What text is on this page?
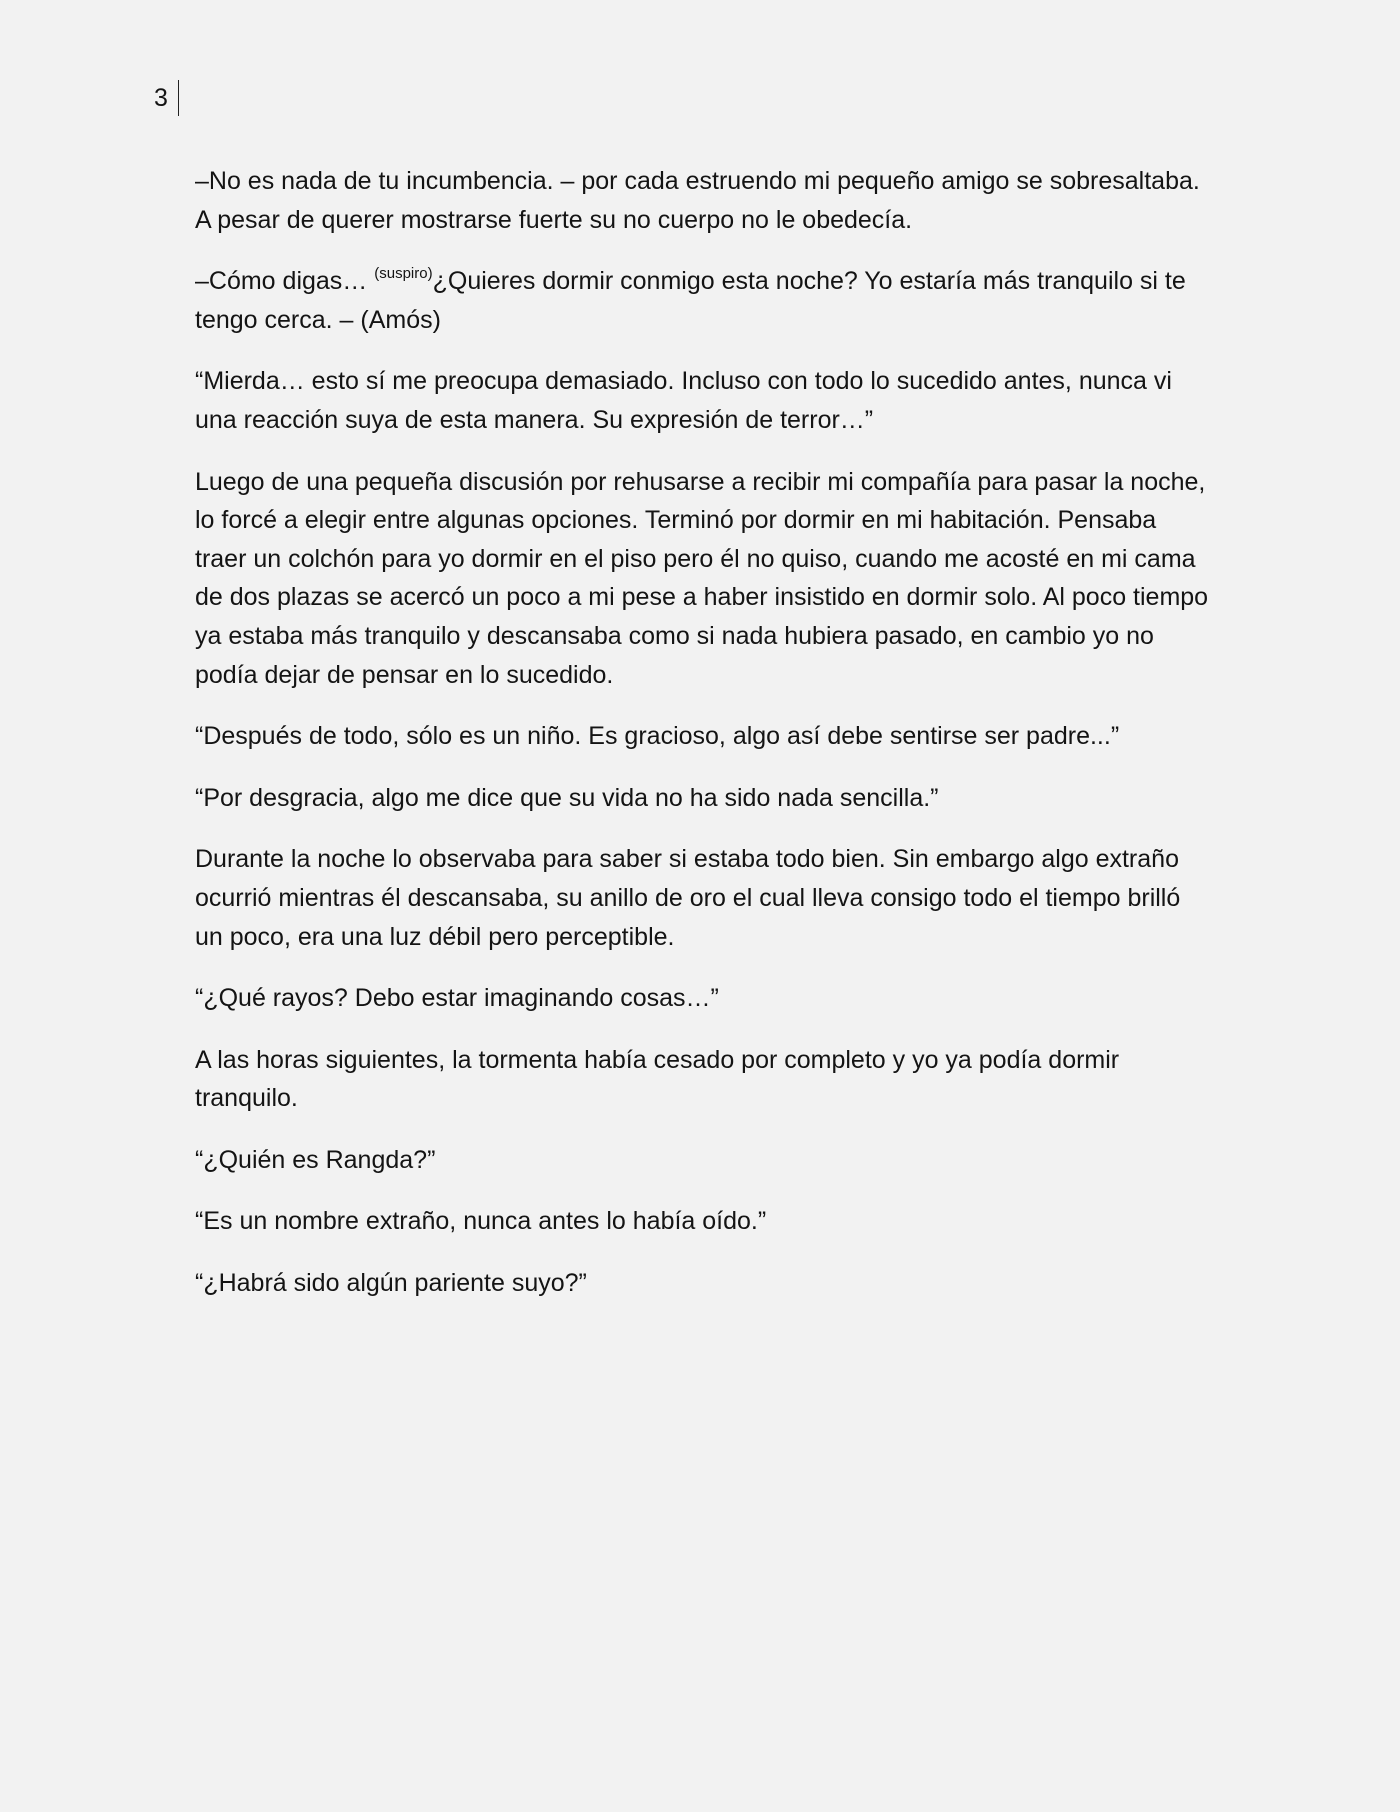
3

–No es nada de tu incumbencia. – por cada estruendo mi pequeño amigo se sobresaltaba.
A pesar de querer mostrarse fuerte su no cuerpo no le obedecía.

–Cómo digas… $^{(suspiro)}$¿Quieres dormir conmigo esta noche? Yo estaría más tranquilo si te
tengo cerca. – (Amós)

“Mierda… esto sí me preocupa demasiado. Incluso con todo lo sucedido antes, nunca vi
una reacción suya de esta manera. Su expresión de terror…”

Luego de una pequeña discusión por rehusarse a recibir mi compañía para pasar la noche,
lo forcé a elegir entre algunas opciones. Terminó por dormir en mi habitación. Pensaba
traer un colchón para yo dormir en el piso pero él no quiso, cuando me acosté en mi cama
de dos plazas se acercó un poco a mi pese a haber insistido en dormir solo. Al poco tiempo
ya estaba más tranquilo y descansaba como si nada hubiera pasado, en cambio yo no
podía dejar de pensar en lo sucedido.

“Después de todo, sólo es un niño. Es gracioso, algo así debe sentirse ser padre...”

“Por desgracia, algo me dice que su vida no ha sido nada sencilla.”

Durante la noche lo observaba para saber si estaba todo bien. Sin embargo algo extraño
ocurrió mientras él descansaba, su anillo de oro el cual lleva consigo todo el tiempo brilló
un poco, era una luz débil pero perceptible.

“¿Qué rayos? Debo estar imaginando cosas…”

A las horas siguientes, la tormenta había cesado por completo y yo ya podía dormir
tranquilo.

“¿Quién es Rangda?”

“Es un nombre extraño, nunca antes lo había oído.”

“¿Habrá sido algún pariente suyo?”
